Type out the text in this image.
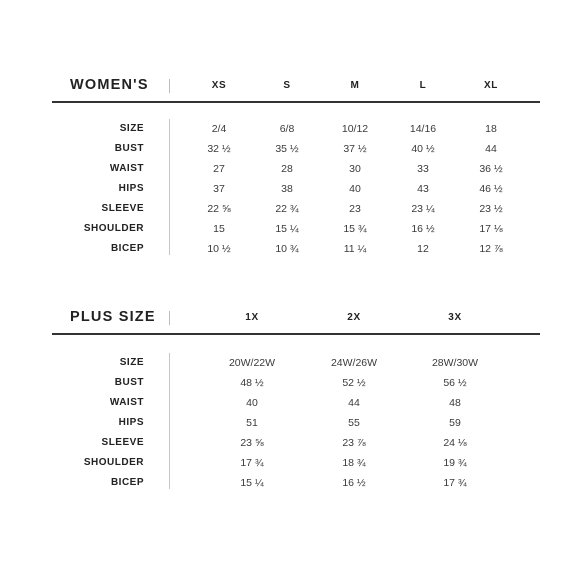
WOMEN'S	XS	S	M	L	XL
SIZE	2/4	6/8	10/12	14/16	18
BUST	32 ½	35 ½	37 ½	40 ½	44
WAIST	27	28	30	33	36 ½
HIPS	37	38	40	43	46 ½
SLEEVE	22 ⅝	22 ¾	23	23 ¼	23 ½
SHOULDER	15	15 ¼	15 ¾	16 ½	17 ⅛
BICEP	10 ½	10 ¾	11 ¼	12	12 ⅞
PLUS SIZE	1X	2X	3X
SIZE	20W/22W	24W/26W	28W/30W
BUST	48 ½	52 ½	56 ½
WAIST	40	44	48
HIPS	51	55	59
SLEEVE	23 ⅝	23 ⅞	24 ⅛
SHOULDER	17 ¾	18 ¾	19 ¾
BICEP	15 ¼	16 ½	17 ¾
